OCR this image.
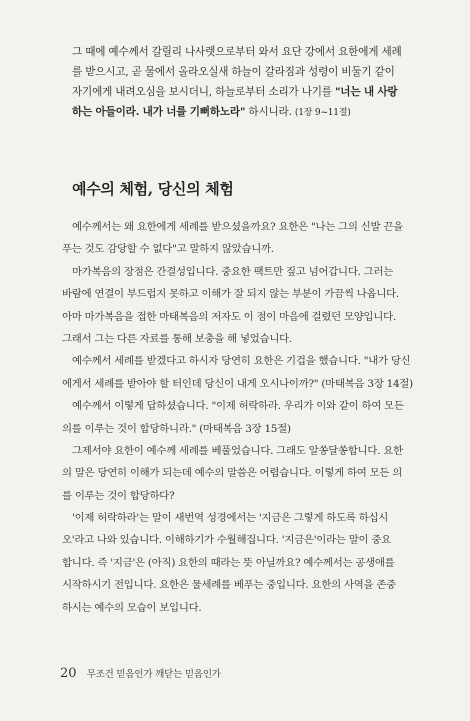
그 때에 예수께서 갈릴리 나사렛으로부터 와서 요단 강에서 요한에게 세례
를 받으시고, 곧 물에서 올라오실새 하늘이 갈라짐과 성령이 비둘기 같이
자기에게 내려오심을 보시더니, 하늘로부터 소리가 나기를 "너는 내 사랑
하는 아들이라. 내가 너를 기뻐하노라" 하시니라. (1장 9~11절)
예수의 체험, 당신의 체험
예수께서는 왜 요한에게 세례를 받으셨을까요? 요한은 "나는 그의 신발 끈을
푸는 것도 감당할 수 없다"고 말하지 않았습니까.
마가복음의 장점은 간결성입니다. 중요한 팩트만 짚고 넘어갑니다. 그러는
바람에 연결이 부드럽지 못하고 이해가 잘 되지 않는 부분이 가끔씩 나옵니다.
아마 마가복음을 접한 마태복음의 저자도 이 점이 마음에 걸렸던 모양입니다.
그래서 그는 다른 자료를 통해 보충을 해 넣었습니다.
예수께서 세례를 받겠다고 하시자 당연히 요한은 기겁을 했습니다. "내가 당신
에게서 세례를 받아야 할 터인데 당신이 내게 오시나이까?" (마태복음 3장 14절)
예수께서 이렇게 답하셨습니다. "이제 허락하라. 우리가 이와 같이 하여 모든
의를 이루는 것이 합당하니라." (마태복음 3장 15절)
그제서야 요한이 예수께 세례를 베풀었습니다. 그래도 알쏭달쏭합니다. 요한
의 말은 당연히 이해가 되는데 예수의 말씀은 어렵습니다. 이렇게 하여 모든 의
를 이루는 것이 합당하다?
'이제 허락하라'는 말이 새번역 성경에서는 '지금은 그렇게 하도록 하십시
오'라고 나와 있습니다. 이해하기가 수월해집니다. '지금은'이라는 말이 중요
합니다. 즉 '지금'은 (아직) 요한의 때라는 뜻 아닐까요? 예수께서는 공생애를
시작하시기 전입니다. 요한은 물세례를 베푸는 중입니다. 요한의 사역을 존중
하시는 예수의 모습이 보입니다.
20 무조건 믿음인가 깨닫는 믿음인가
